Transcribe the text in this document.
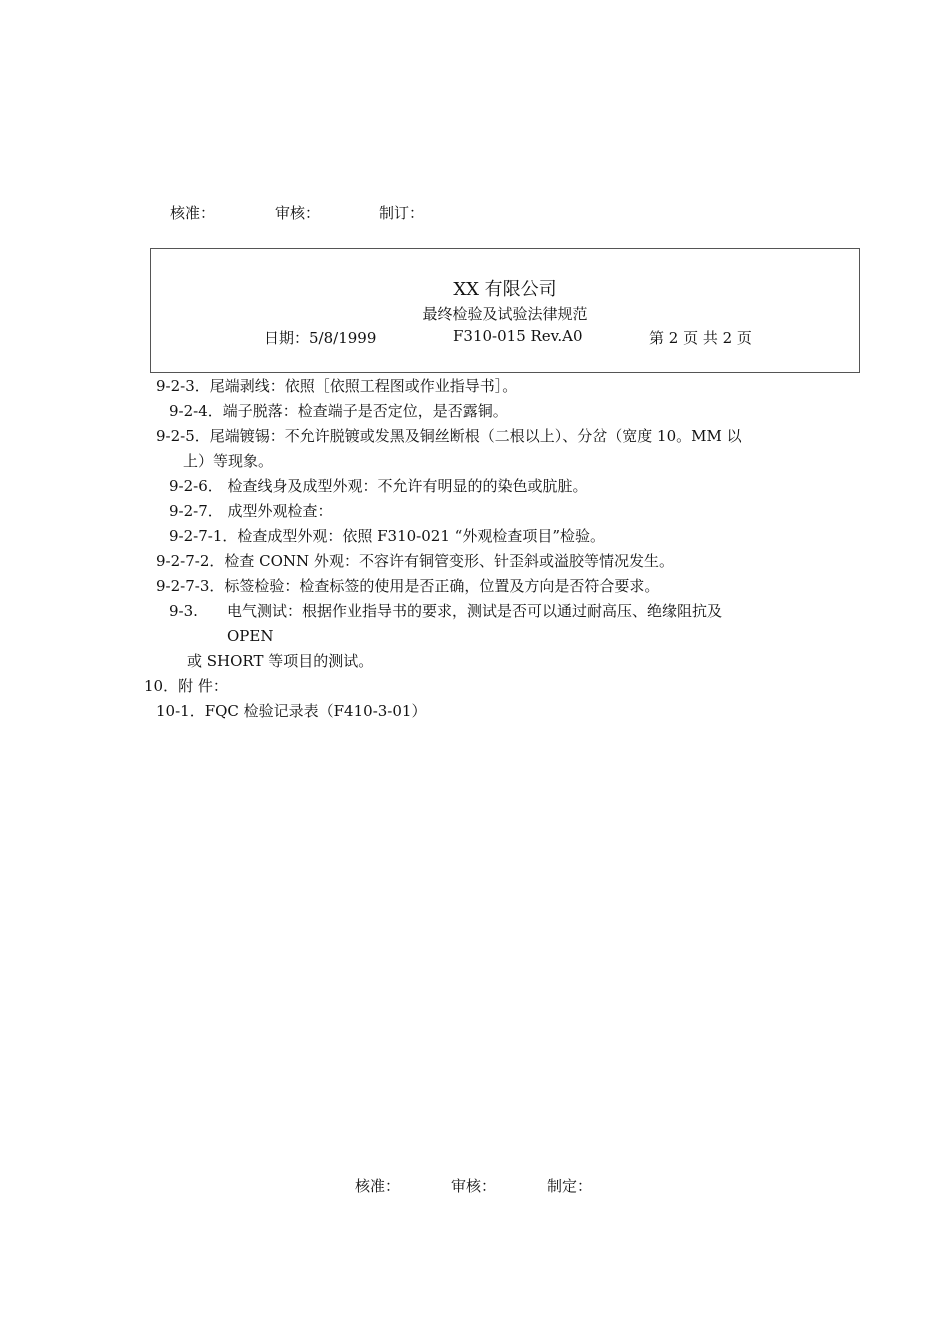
核准：	审核：	制订：
XX 有限公司
最终检验及试验法律规范
日期：5/8/1999	F310-015 Rev.A0	第 2 页 共 2 页
9-2-3．尾端剥线：依照［依照工程图或作业指导书］。
9-2-4．端子脱落：检查端子是否定位，是否露铜。
9-2-5．尾端镀锡：不允许脱镀或发黑及铜丝断根（二根以上）、分岔（宽度 10。MM 以
上）等现象。
9-2-6． 检查线身及成型外观：不允许有明显的的染色或肮脏。
9-2-7． 成型外观检查：
9-2-7-1．检查成型外观：依照 F310-021 “外观检查项目”检验。
9-2-7-2．检查 CONN 外观：不容许有铜管变形、针歪斜或溢胶等情况发生。
9-2-7-3．标签检验：检查标签的使用是否正确，位置及方向是否符合要求。
9-3. 电气测试：根据作业指导书的要求，测试是否可以通过耐高压、绝缘阻抗及
OPEN
或 SHORT 等项目的测试。
10．附 件：
10-1．FQC 检验记录表（F410-3-01）
核准：	审核：	制定：
